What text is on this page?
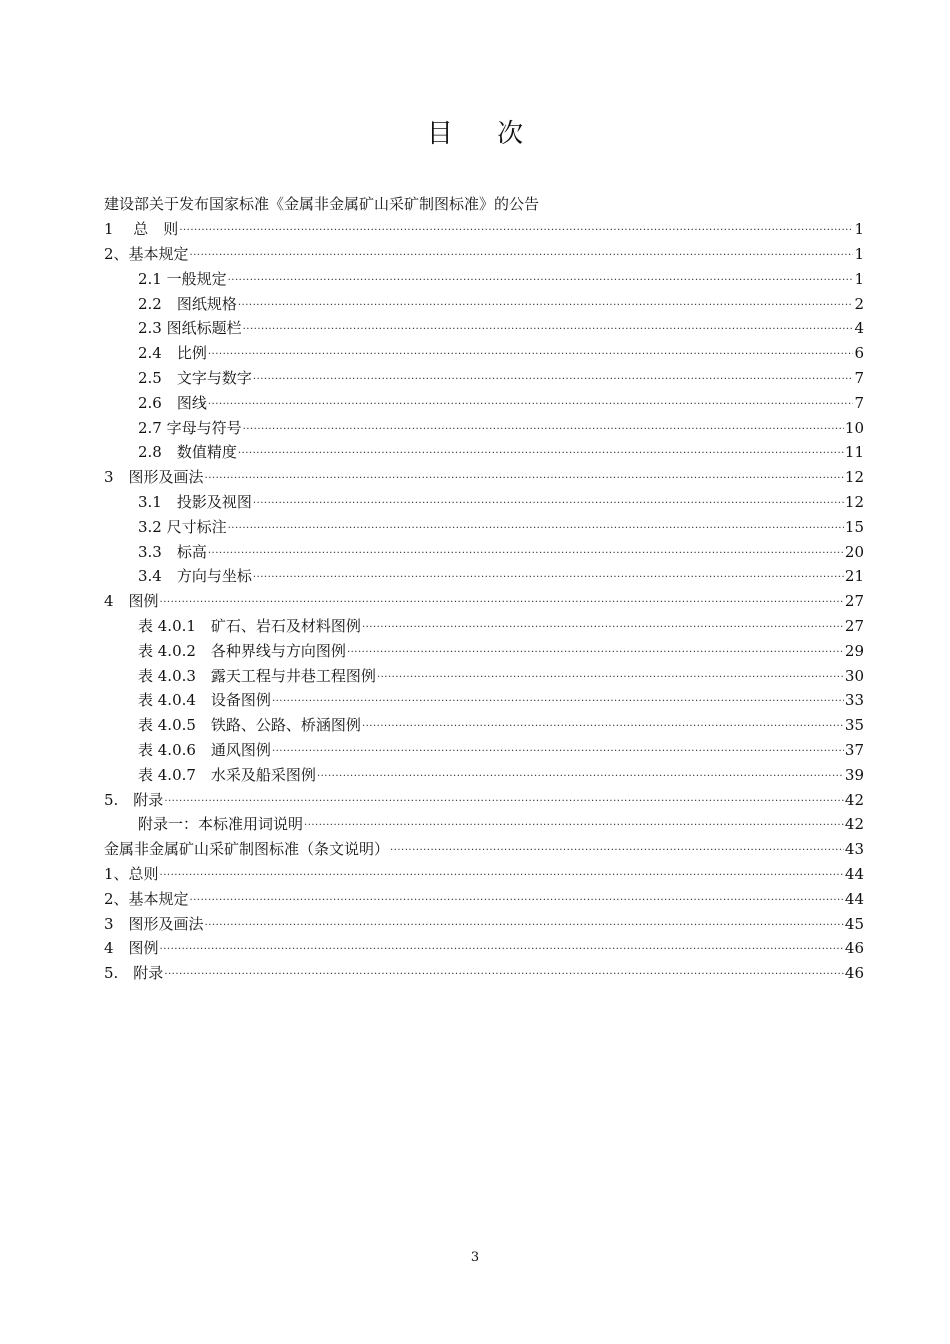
目 次
建设部关于发布国家标准《金属非金属矿山采矿制图标准》的公告
1　 总　则 .....	1
2、基本规定 .....	1
2.1 一般规定 .....	1
2.2　图纸规格 .....	2
2.3 图纸标题栏 .....	4
2.4　比例 .....	6
2.5　文字与数字 .....	7
2.6　图线 .....	7
2.7 字母与符号 .....	10
2.8　数值精度 .....	11
3　图形及画法 .....	12
3.1　投影及视图 .....	12
3.2 尺寸标注 .....	15
3.3　标高 .....	20
3.4　方向与坐标 .....	21
4　图例 .....	27
表 4.0.1　矿石、岩石及材料图例 .....	27
表 4.0.2　各种界线与方向图例 .....	29
表 4.0.3　露天工程与井巷工程图例 .....	30
表 4.0.4　设备图例 .....	33
表 4.0.5　铁路、公路、桥涵图例 .....	35
表 4.0.6　通风图例 .....	37
表 4.0.7　水采及船采图例 .....	39
5.　附录 .....	42
附录一：本标准用词说明 .....	42
金属非金属矿山采矿制图标准（条文说明） .....	43
1、总则 .....	44
2、基本规定 .....	44
3　图形及画法 .....	45
4　图例 .....	46
5.　附录 .....	46
3
